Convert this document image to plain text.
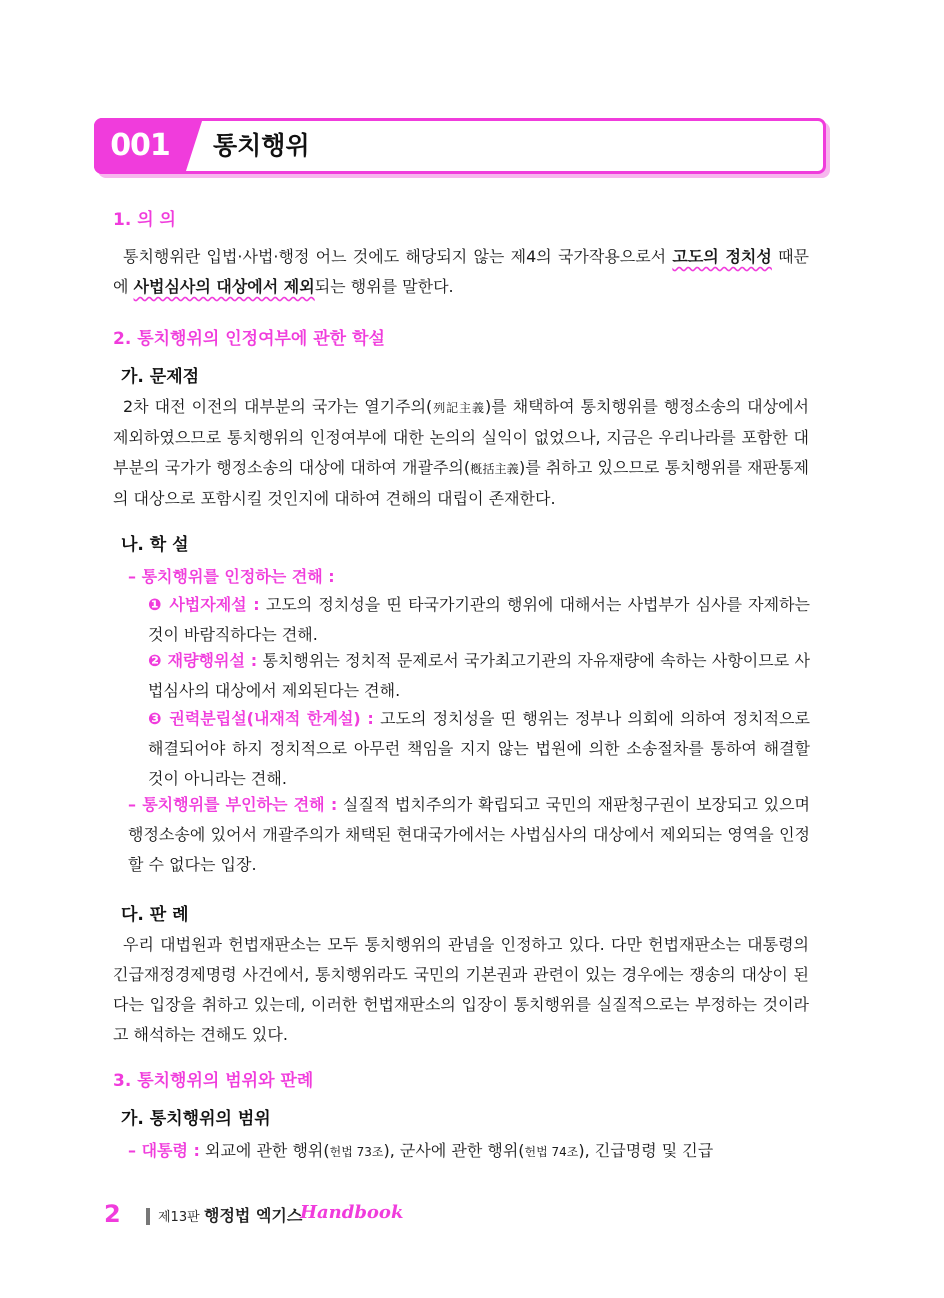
001	통치행위
1. 의 의
통치행위란 입법·사법·행정 어느 것에도 해당되지 않는 제4의 국가작용으로서 고도의 정치성 때문에 사법심사의 대상에서 제외되는 행위를 말한다.
2. 통치행위의 인정여부에 관한 학설
가. 문제점
2차 대전 이전의 대부분의 국가는 열기주의(列記主義)를 채택하여 통치행위를 행정소송의 대상에서 제외하였으므로 통치행위의 인정여부에 대한 논의의 실익이 없었으나, 지금은 우리나라를 포함한 대부분의 국가가 행정소송의 대상에 대하여 개괄주의(槪括主義)를 취하고 있으므로 통치행위를 재판통제의 대상으로 포함시킬 것인지에 대하여 견해의 대립이 존재한다.
나. 학 설
– 통치행위를 인정하는 견해 :
❶ 사법자제설 : 고도의 정치성을 띤 타국가기관의 행위에 대해서는 사법부가 심사를 자제하는 것이 바람직하다는 견해.
❷ 재량행위설 : 통치행위는 정치적 문제로서 국가최고기관의 자유재량에 속하는 사항이므로 사법심사의 대상에서 제외된다는 견해.
❸ 권력분립설(내재적 한계설) : 고도의 정치성을 띤 행위는 정부나 의회에 의하여 정치적으로 해결되어야 하지 정치적으로 아무런 책임을 지지 않는 법원에 의한 소송절차를 통하여 해결할 것이 아니라는 견해.
– 통치행위를 부인하는 견해 : 실질적 법치주의가 확립되고 국민의 재판청구권이 보장되고 있으며 행정소송에 있어서 개괄주의가 채택된 현대국가에서는 사법심사의 대상에서 제외되는 영역을 인정할 수 없다는 입장.
다. 판 례
우리 대법원과 헌법재판소는 모두 통치행위의 관념을 인정하고 있다. 다만 헌법재판소는 대통령의 긴급재정경제명령 사건에서, 통치행위라도 국민의 기본권과 관련이 있는 경우에는 쟁송의 대상이 된다는 입장을 취하고 있는데, 이러한 헌법재판소의 입장이 통치행위를 실질적으로는 부정하는 것이라고 해석하는 견해도 있다.
3. 통치행위의 범위와 판례
가. 통치행위의 범위
– 대통령 : 외교에 관한 행위(헌법 73조), 군사에 관한 행위(헌법 74조), 긴급명령 및 긴급
2	제13판 행정법 엑기스
Handbook
